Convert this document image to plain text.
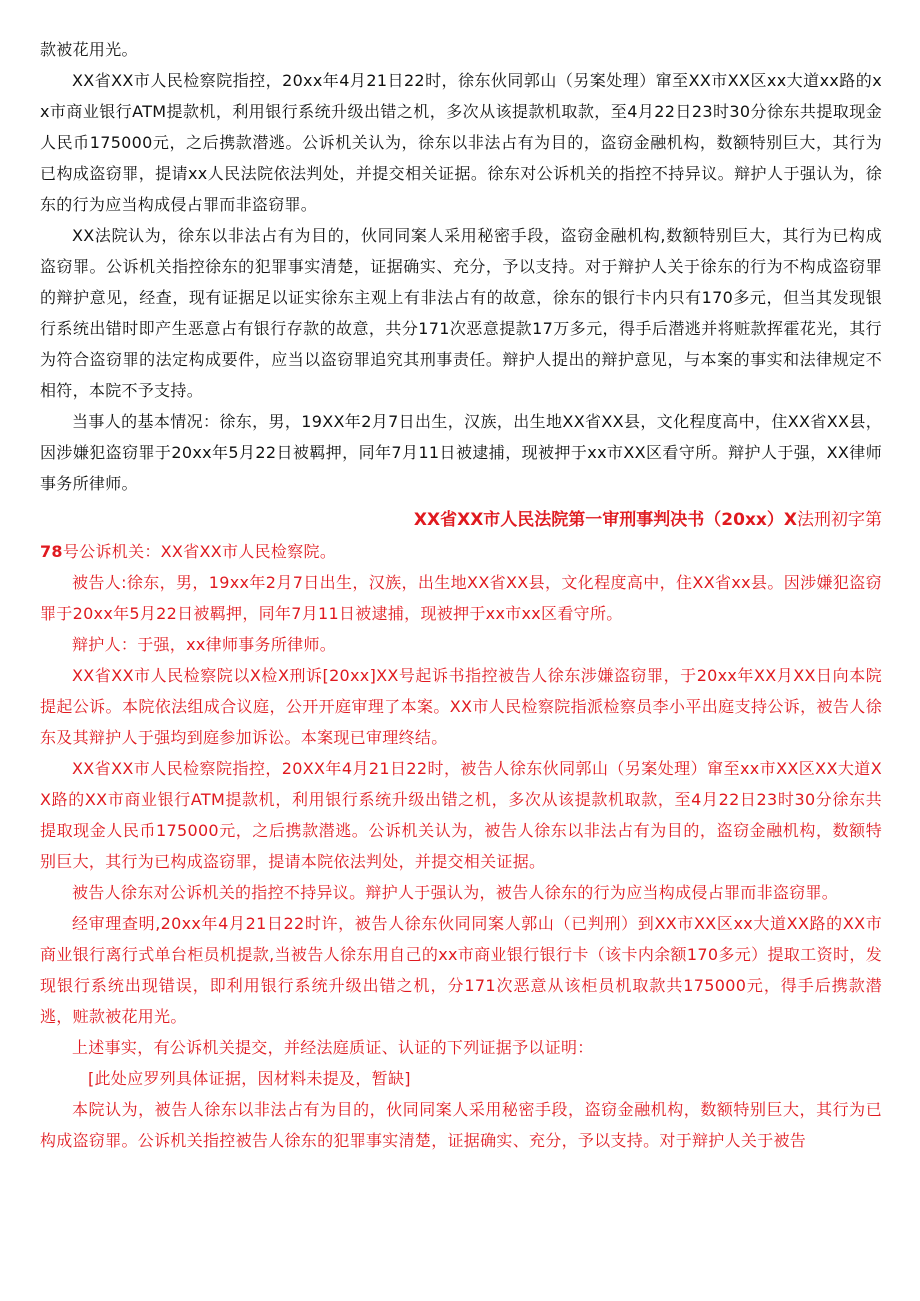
款被花用光。

XX省XX市人民检察院指控，20xx年4月21日22时，徐东伙同郭山（另案处理）窜至XX市XX区xx大道xx路的xx市商业银行ATM提款机，利用银行系统升级出错之机，多次从该提款机取款，至4月22日23时30分徐东共提取现金人民币175000元，之后携款潜逃。公诉机关认为，徐东以非法占有为目的，盗窃金融机构，数额特别巨大，其行为已构成盗窃罪，提请xx人民法院依法判处，并提交相关证据。徐东对公诉机关的指控不持异议。辩护人于强认为，徐东的行为应当构成侵占罪而非盗窃罪。

XX法院认为，徐东以非法占有为目的，伙同同案人采用秘密手段，盗窃金融机构,数额特别巨大，其行为已构成盗窃罪。公诉机关指控徐东的犯罪事实清楚，证据确实、充分，予以支持。对于辩护人关于徐东的行为不构成盗窃罪的辩护意见，经查，现有证据足以证实徐东主观上有非法占有的故意，徐东的银行卡内只有170多元，但当其发现银行系统出错时即产生恶意占有银行存款的故意，共分171次恶意提款17万多元，得手后潜逃并将赃款挥霍花光，其行为符合盗窃罪的法定构成要件，应当以盗窃罪追究其刑事责任。辩护人提出的辩护意见，与本案的事实和法律规定不相符，本院不予支持。

当事人的基本情况：徐东，男，19XX年2月7日出生，汉族，出生地XX省XX县，文化程度高中，住XX省XX县，因涉嫌犯盗窃罪于20xx年5月22日被羁押，同年7月11日被逮捕，现被押于xx市XX区看守所。辩护人于强，XX律师事务所律师。

XX省XX市人民法院第一审刑事判决书（20xx）X法刑初字第

78号公诉机关：XX省XX市人民检察院。

被告人:徐东，男，19xx年2月7日出生，汉族，出生地XX省XX县，文化程度高中，住XX省xx县。因涉嫌犯盗窃罪于20xx年5月22日被羁押，同年7月11日被逮捕，现被押于xx市xx区看守所。

辩护人：于强，xx律师事务所律师。

XX省XX市人民检察院以X检X刑诉[20xx]XX号起诉书指控被告人徐东涉嫌盗窃罪，于20xx年XX月XX日向本院提起公诉。本院依法组成合议庭，公开开庭审理了本案。XX市人民检察院指派检察员李小平出庭支持公诉，被告人徐东及其辩护人于强均到庭参加诉讼。本案现已审理终结。

XX省XX市人民检察院指控，20XX年4月21日22时，被告人徐东伙同郭山（另案处理）窜至xx市XX区XX大道XX路的XX市商业银行ATM提款机，利用银行系统升级出错之机，多次从该提款机取款，至4月22日23时30分徐东共提取现金人民币175000元，之后携款潜逃。公诉机关认为，被告人徐东以非法占有为目的，盗窃金融机构，数额特别巨大，其行为已构成盗窃罪，提请本院依法判处，并提交相关证据。

被告人徐东对公诉机关的指控不持异议。辩护人于强认为，被告人徐东的行为应当构成侵占罪而非盗窃罪。

经审理查明,20xx年4月21日22时许，被告人徐东伙同同案人郭山（已判刑）到XX市XX区xx大道XX路的XX市商业银行离行式单台柜员机提款,当被告人徐东用自己的xx市商业银行银行卡（该卡内余额170多元）提取工资时，发现银行系统出现错误，即利用银行系统升级出错之机，分171次恶意从该柜员机取款共175000元，得手后携款潜逃，赃款被花用光。

上述事实，有公诉机关提交，并经法庭质证、认证的下列证据予以证明：

[此处应罗列具体证据，因材料未提及，暂缺]

本院认为，被告人徐东以非法占有为目的，伙同同案人采用秘密手段，盗窃金融机构，数额特别巨大，其行为已构成盗窃罪。公诉机关指控被告人徐东的犯罪事实清楚，证据确实、充分，予以支持。对于辩护人关于被告
